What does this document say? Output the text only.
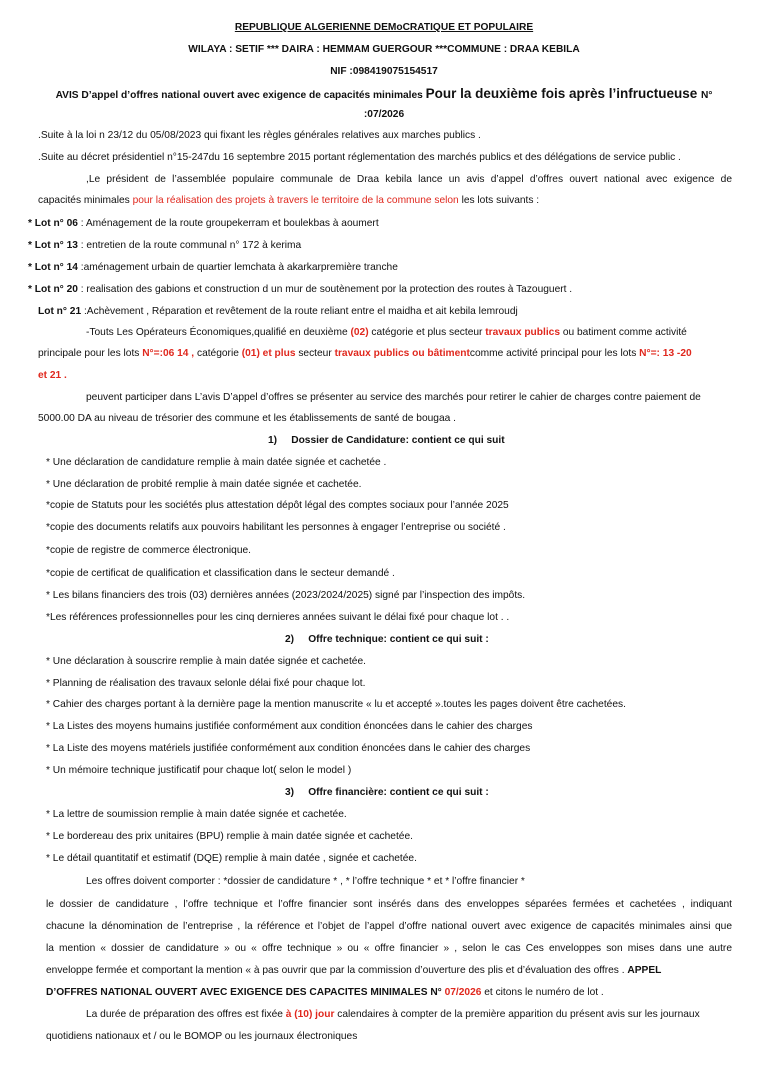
REPUBLIQUE ALGERIENNE DEMoCRATIQUE ET POPULAIRE
WILAYA : SETIF *** DAIRA : HEMMAM GUERGOUR ***COMMUNE : DRAA KEBILA
NIF :098419075154517
AVIS D’appel d’offres national ouvert avec exigence de capacités minimales Pour la deuxième fois après l’infructueuse N°
:07/2026
.Suite à la loi n 23/12 du 05/08/2023 qui fixant les règles générales relatives aux marches publics .
.Suite au décret présidentiel n°15-247du 16 septembre 2015 portant réglementation des marchés publics et des délégations de service public .
,Le président de l’assemblée populaire communale de Draa kebila lance un avis d’appel d’offres ouvert national avec exigence de
capacités minimales pour la réalisation des projets à travers le territoire de la commune selon les lots suivants :
* Lot n° 06 : Aménagement de la route groupekerram et boulekbas à aoumert
* Lot n° 13 : entretien de la route communal n° 172 à kerima
* Lot n° 14 :aménagement urbain de quartier lemchata à akarkarpremière tranche
* Lot n° 20 : realisation des gabions et construction d un mur de soutènement por la protection des routes à Tazouguert .
Lot n° 21 :Achèvement , Réparation et revêtement de la route reliant entre el maidha et ait kebila lemroudj
-Touts Les Opérateurs Économiques,qualifié en deuxième (02) catégorie et plus secteur travaux publics ou batiment comme activité
principale pour les lots N°=:06 14 , catégorie (01) et plus secteur travaux publics ou bâtimentcomme activité principal pour les lots N°=: 13 -20
et 21 .
peuvent participer dans L’avis D’appel d’offres se présenter au service des marchés pour retirer le cahier de charges contre paiement de
5000.00 DA au niveau de trésorier des commune et les établissements de santé de bougaa .
1)     Dossier de Candidature: contient ce qui suit
* Une déclaration de candidature remplie à main datée signée et cachetée .
* Une déclaration de probité remplie à main datée signée et cachetée.
*copie de Statuts pour les sociétés plus attestation dépôt légal des comptes sociaux pour l’année 2025
*copie des documents relatifs aux pouvoirs habilitant les personnes à engager l’entreprise ou société .
*copie de registre de commerce électronique.
*copie de certificat de qualification et classification dans le secteur demandé .
* Les bilans financiers des trois (03) dernières années (2023/2024/2025) signé par l’inspection des impôts.
*Les références professionnelles pour les cinq dernieres années suivant le délai fixé pour chaque lot . .
2)     Offre technique: contient ce qui suit :
* Une déclaration à souscrire remplie à main datée signée et cachetée.
* Planning de réalisation des travaux selonle délai fixé pour chaque lot.
* Cahier des charges portant à la dernière page la mention manuscrite « lu et accepté ».toutes les pages doivent être cachetées.
* La Listes des moyens humains justifiée conformément aux condition énoncées dans le cahier des charges
* La Liste des moyens matériels justifiée conformément aux condition énoncées dans le cahier des charges
* Un mémoire technique justificatif pour chaque lot( selon le model )
3)     Offre financière: contient ce qui suit :
* La lettre de soumission remplie à main datée signée et cachetée.
* Le bordereau des prix unitaires (BPU) remplie à main datée signée et cachetée.
* Le détail quantitatif et estimatif (DQE) remplie à main datée , signée et cachetée.
Les offres doivent comporter : *dossier de candidature * , * l’offre technique * et * l’offre financier *
le dossier de candidature , l’offre technique et l’offre financier sont insérés dans des enveloppes séparées fermées et cachetées , indiquant
chacune la dénomination de l’entreprise , la référence et l’objet de l’appel d’offre national ouvert avec exigence de capacités minimales ainsi que
la mention « dossier de candidature » ou « offre technique » ou « offre financier » , selon le cas Ces enveloppes son mises dans une autre
enveloppe fermée et comportant la mention « à pas ouvrir que par la commission d’ouverture des plis et d’évaluation des offres . APPEL
D’OFFRES NATIONAL OUVERT AVEC EXIGENCE DES CAPACITES MINIMALES N° 07/2026 et citons le numéro de lot .
La durée de préparation des offres est fixée à (10) jour calendaires à compter de la première apparition du présent avis sur les journaux
quotidiens nationaux et / ou le BOMOP ou les journaux électroniques
